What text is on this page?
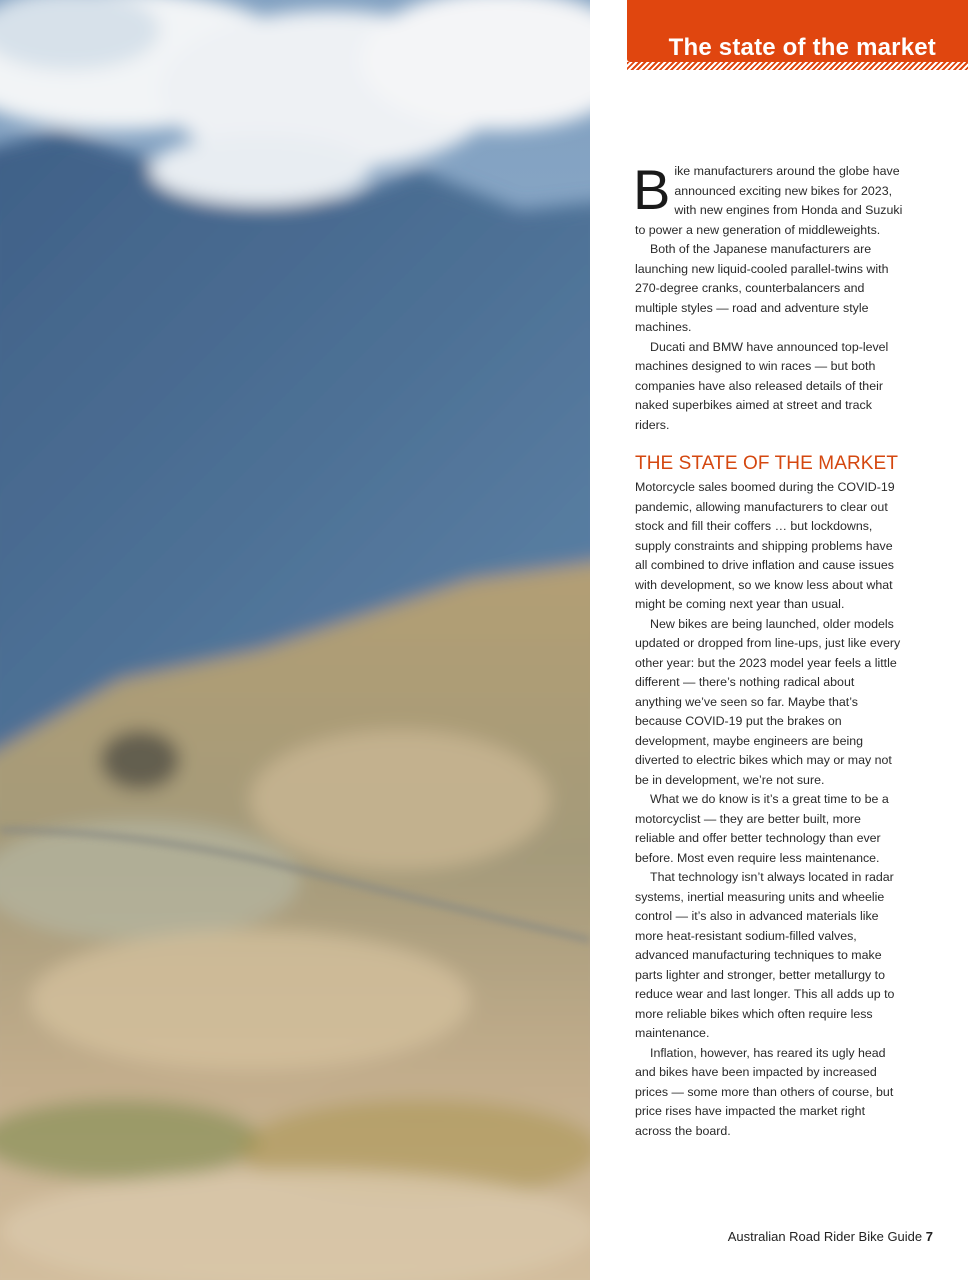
The state of the market

Bike manufacturers around the globe have announced exciting new bikes for 2023, with new engines from Honda and Suzuki to power a new generation of middleweights.

Both of the Japanese manufacturers are launching new liquid-cooled parallel-twins with 270-degree cranks, counterbalancers and multiple styles — road and adventure style machines.

Ducati and BMW have announced top-level machines designed to win races — but both companies have also released details of their naked superbikes aimed at street and track riders.

THE STATE OF THE MARKET

Motorcycle sales boomed during the COVID-19 pandemic, allowing manufacturers to clear out stock and fill their coffers … but lockdowns, supply constraints and shipping problems have all combined to drive inflation and cause issues with development, so we know less about what might be coming next year than usual.

New bikes are being launched, older models updated or dropped from line-ups, just like every other year: but the 2023 model year feels a little different — there’s nothing radical about anything we’ve seen so far. Maybe that’s because COVID-19 put the brakes on development, maybe engineers are being diverted to electric bikes which may or may not be in development, we’re not sure.

What we do know is it’s a great time to be a motorcyclist — they are better built, more reliable and offer better technology than ever before. Most even require less maintenance.

That technology isn’t always located in radar systems, inertial measuring units and wheelie control — it’s also in advanced materials like more heat-resistant sodium-filled valves, advanced manufacturing techniques to make parts lighter and stronger, better metallurgy to reduce wear and last longer. This all adds up to more reliable bikes which often require less maintenance.

Inflation, however, has reared its ugly head and bikes have been impacted by increased prices — some more than others of course, but price rises have impacted the market right across the board.

Australian Road Rider Bike Guide 7
